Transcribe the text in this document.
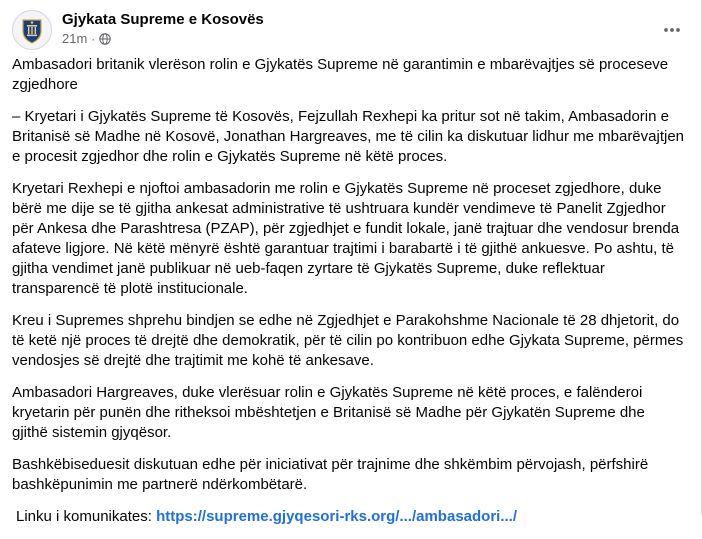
Gjykata Supreme e Kosovës
21m ·

Ambasadori britanik vlerëson rolin e Gjykatës Supreme në garantimin e mbarëvajtjes së proceseve zgjedhore

– Kryetari i Gjykatës Supreme të Kosovës, Fejzullah Rexhepi ka pritur sot në takim, Ambasadorin e Britanisë së Madhe në Kosovë, Jonathan Hargreaves, me të cilin ka diskutuar lidhur me mbarëvajtjen e procesit zgjedhor dhe rolin e Gjykatës Supreme në këtë proces.

Kryetari Rexhepi e njoftoi ambasadorin me rolin e Gjykatës Supreme në proceset zgjedhore, duke bërë me dije se të gjitha ankesat administrative të ushtruara kundër vendimeve të Panelit Zgjedhor për Ankesa dhe Parashtresa (PZAP), për zgjedhjet e fundit lokale, janë trajtuar dhe vendosur brenda afateve ligjore. Në këtë mënyrë është garantuar trajtimi i barabartë i të gjithë ankuesve. Po ashtu, të gjitha vendimet janë publikuar në ueb-faqen zyrtare të Gjykatës Supreme, duke reflektuar transparencë të plotë institucionale.

Kreu i Supremes shprehu bindjen se edhe në Zgjedhjet e Parakohshme Nacionale të 28 dhjetorit, do të ketë një proces të drejtë dhe demokratik, për të cilin po kontribuon edhe Gjykata Supreme, përmes vendosjes së drejtë dhe trajtimit me kohë të ankesave.

Ambasadori Hargreaves, duke vlerësuar rolin e Gjykatës Supreme në këtë proces, e falënderoi kryetarin për punën dhe ritheksoi mbështetjen e Britanisë së Madhe për Gjykatën Supreme dhe gjithë sistemin gjyqësor.

Bashkëbiseduesit diskutuan edhe për iniciativat për trajnime dhe shkëmbim përvojash, përfshirë bashkëpunimin me partnerë ndërkombëtarë.

Linku i komunikates: https://supreme.gjyqesori-rks.org/.../ambasadori.../
